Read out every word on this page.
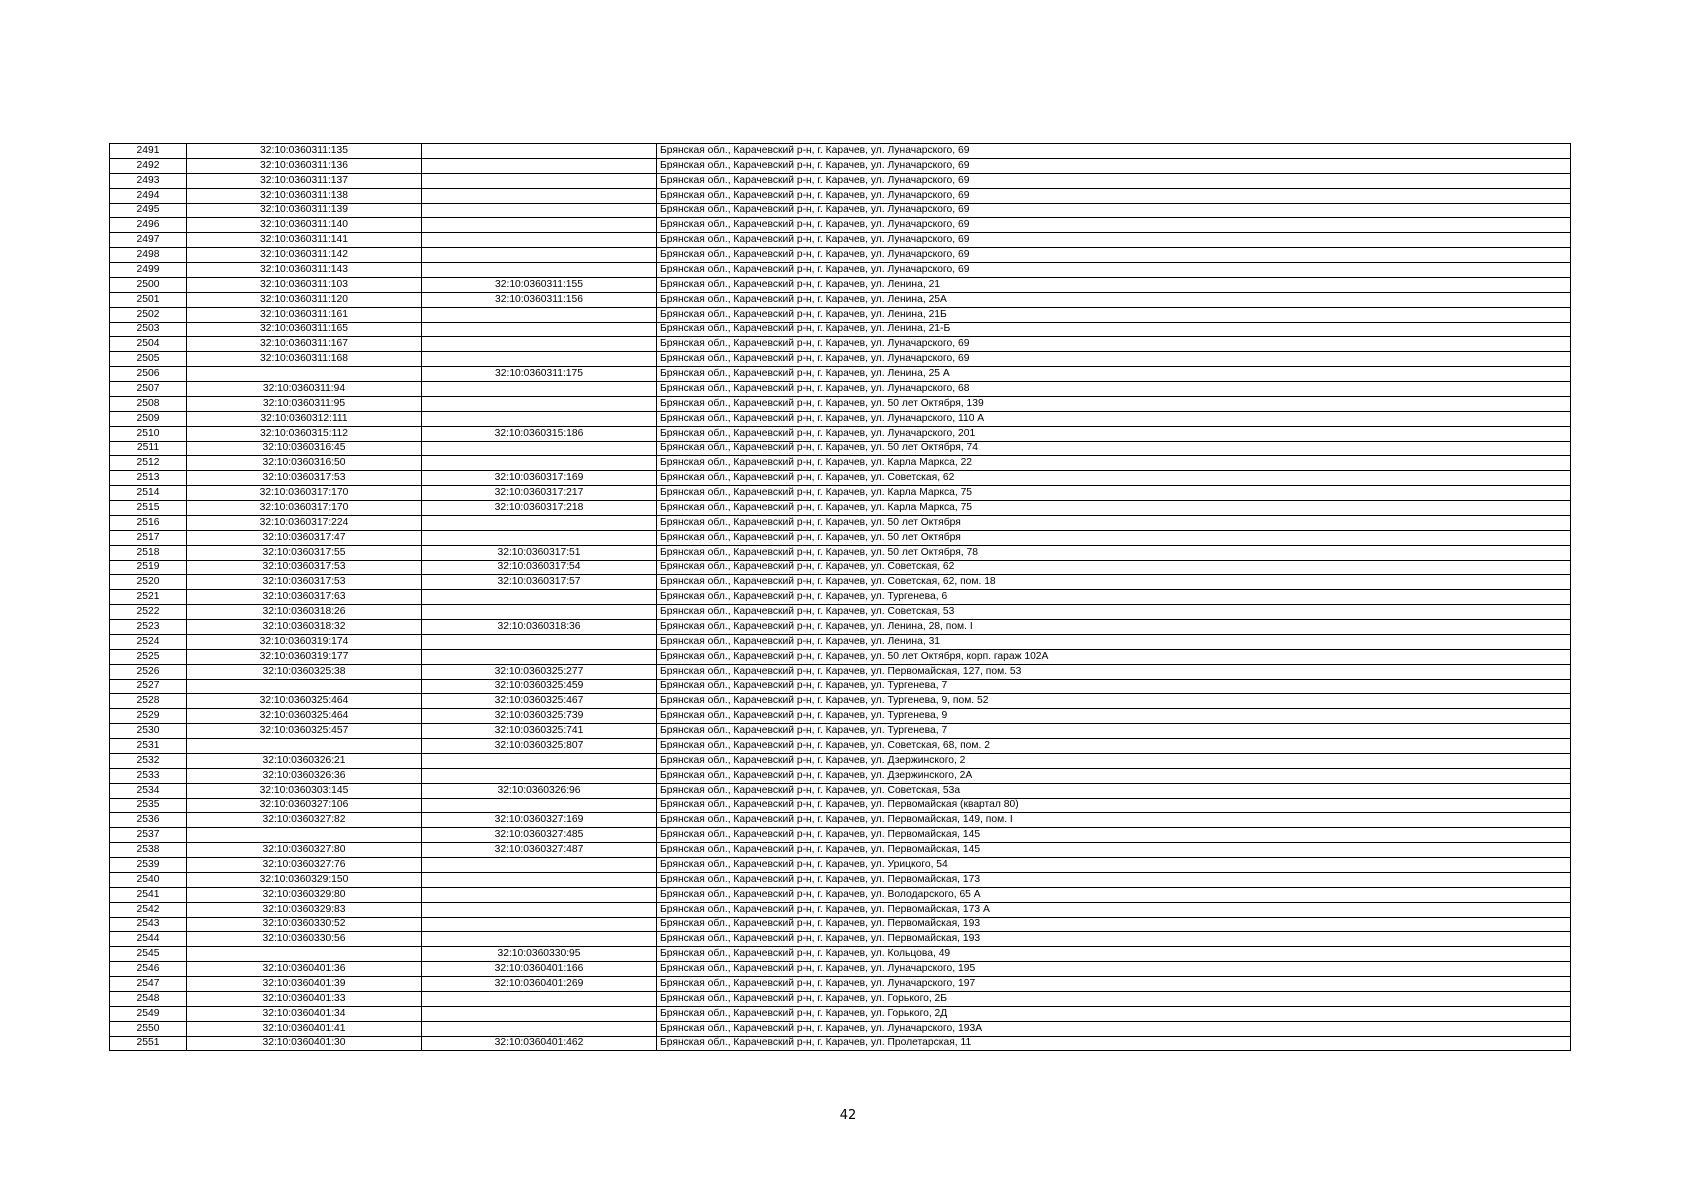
2491	32:10:0360311:135		Брянская обл., Карачевский р-н, г. Карачев, ул. Луначарского, 69
2492	32:10:0360311:136		Брянская обл., Карачевский р-н, г. Карачев, ул. Луначарского, 69
2493	32:10:0360311:137		Брянская обл., Карачевский р-н, г. Карачев, ул. Луначарского, 69
2494	32:10:0360311:138		Брянская обл., Карачевский р-н, г. Карачев, ул. Луначарского, 69
2495	32:10:0360311:139		Брянская обл., Карачевский р-н, г. Карачев, ул. Луначарского, 69
2496	32:10:0360311:140		Брянская обл., Карачевский р-н, г. Карачев, ул. Луначарского, 69
2497	32:10:0360311:141		Брянская обл., Карачевский р-н, г. Карачев, ул. Луначарского, 69
2498	32:10:0360311:142		Брянская обл., Карачевский р-н, г. Карачев, ул. Луначарского, 69
2499	32:10:0360311:143		Брянская обл., Карачевский р-н, г. Карачев, ул. Луначарского, 69
2500	32:10:0360311:103	32:10:0360311:155	Брянская обл., Карачевский р-н, г. Карачев, ул. Ленина, 21
2501	32:10:0360311:120	32:10:0360311:156	Брянская обл., Карачевский р-н, г. Карачев, ул. Ленина, 25А
2502	32:10:0360311:161		Брянская обл., Карачевский р-н, г. Карачев, ул. Ленина, 21Б
2503	32:10:0360311:165		Брянская обл., Карачевский р-н, г. Карачев, ул. Ленина, 21-Б
2504	32:10:0360311:167		Брянская обл., Карачевский р-н, г. Карачев, ул. Луначарского, 69
2505	32:10:0360311:168		Брянская обл., Карачевский р-н, г. Карачев, ул. Луначарского, 69
2506		32:10:0360311:175	Брянская обл., Карачевский р-н, г. Карачев, ул. Ленина, 25 А
2507	32:10:0360311:94		Брянская обл., Карачевский р-н, г. Карачев, ул. Луначарского, 68
2508	32:10:0360311:95		Брянская обл., Карачевский р-н, г. Карачев, ул. 50 лет Октября, 139
2509	32:10:0360312:111		Брянская обл., Карачевский р-н, г. Карачев, ул. Луначарского, 110 А
2510	32:10:0360315:112	32:10:0360315:186	Брянская обл., Карачевский р-н, г. Карачев, ул. Луначарского, 201
2511	32:10:0360316:45		Брянская обл., Карачевский р-н, г. Карачев, ул. 50 лет Октября, 74
2512	32:10:0360316:50		Брянская обл., Карачевский р-н, г. Карачев, ул. Карла Маркса, 22
2513	32:10:0360317:53	32:10:0360317:169	Брянская обл., Карачевский р-н, г. Карачев, ул. Советская, 62
2514	32:10:0360317:170	32:10:0360317:217	Брянская обл., Карачевский р-н, г. Карачев, ул. Карла Маркса, 75
2515	32:10:0360317:170	32:10:0360317:218	Брянская обл., Карачевский р-н, г. Карачев, ул. Карла Маркса, 75
2516	32:10:0360317:224		Брянская обл., Карачевский р-н, г. Карачев, ул. 50 лет Октября
2517	32:10:0360317:47		Брянская обл., Карачевский р-н, г. Карачев, ул. 50 лет Октября
2518	32:10:0360317:55	32:10:0360317:51	Брянская обл., Карачевский р-н, г. Карачев, ул. 50 лет Октября, 78
2519	32:10:0360317:53	32:10:0360317:54	Брянская обл., Карачевский р-н, г. Карачев, ул. Советская, 62
2520	32:10:0360317:53	32:10:0360317:57	Брянская обл., Карачевский р-н, г. Карачев, ул. Советская, 62, пом. 18
2521	32:10:0360317:63		Брянская обл., Карачевский р-н, г. Карачев, ул. Тургенева, 6
2522	32:10:0360318:26		Брянская обл., Карачевский р-н, г. Карачев, ул. Советская, 53
2523	32:10:0360318:32	32:10:0360318:36	Брянская обл., Карачевский р-н, г. Карачев, ул. Ленина, 28, пом. I
2524	32:10:0360319:174		Брянская обл., Карачевский р-н, г. Карачев, ул. Ленина, 31
2525	32:10:0360319:177		Брянская обл., Карачевский р-н, г. Карачев, ул. 50 лет Октября, корп. гараж 102А
2526	32:10:0360325:38	32:10:0360325:277	Брянская обл., Карачевский р-н, г. Карачев, ул. Первомайская, 127, пом. 53
2527		32:10:0360325:459	Брянская обл., Карачевский р-н, г. Карачев, ул. Тургенева, 7
2528	32:10:0360325:464	32:10:0360325:467	Брянская обл., Карачевский р-н, г. Карачев, ул. Тургенева, 9, пом. 52
2529	32:10:0360325:464	32:10:0360325:739	Брянская обл., Карачевский р-н, г. Карачев, ул. Тургенева, 9
2530	32:10:0360325:457	32:10:0360325:741	Брянская обл., Карачевский р-н, г. Карачев, ул. Тургенева, 7
2531		32:10:0360325:807	Брянская обл., Карачевский р-н, г. Карачев, ул. Советская, 68, пом. 2
2532	32:10:0360326:21		Брянская обл., Карачевский р-н, г. Карачев, ул. Дзержинского, 2
2533	32:10:0360326:36		Брянская обл., Карачевский р-н, г. Карачев, ул. Дзержинского, 2А
2534	32:10:0360303:145	32:10:0360326:96	Брянская обл., Карачевский р-н, г. Карачев, ул. Советская, 53а
2535	32:10:0360327:106		Брянская обл., Карачевский р-н, г. Карачев, ул. Первомайская (квартал 80)
2536	32:10:0360327:82	32:10:0360327:169	Брянская обл., Карачевский р-н, г. Карачев, ул. Первомайская, 149, пом. I
2537		32:10:0360327:485	Брянская обл., Карачевский р-н, г. Карачев, ул. Первомайская, 145
2538	32:10:0360327:80	32:10:0360327:487	Брянская обл., Карачевский р-н, г. Карачев, ул. Первомайская, 145
2539	32:10:0360327:76		Брянская обл., Карачевский р-н, г. Карачев, ул. Урицкого, 54
2540	32:10:0360329:150		Брянская обл., Карачевский р-н, г. Карачев, ул. Первомайская, 173
2541	32:10:0360329:80		Брянская обл., Карачевский р-н, г. Карачев, ул. Володарского, 65 А
2542	32:10:0360329:83		Брянская обл., Карачевский р-н, г. Карачев, ул. Первомайская, 173 А
2543	32:10:0360330:52		Брянская обл., Карачевский р-н, г. Карачев, ул. Первомайская, 193
2544	32:10:0360330:56		Брянская обл., Карачевский р-н, г. Карачев, ул. Первомайская, 193
2545		32:10:0360330:95	Брянская обл., Карачевский р-н, г. Карачев, ул. Кольцова, 49
2546	32:10:0360401:36	32:10:0360401:166	Брянская обл., Карачевский р-н, г. Карачев, ул. Луначарского, 195
2547	32:10:0360401:39	32:10:0360401:269	Брянская обл., Карачевский р-н, г. Карачев, ул. Луначарского, 197
2548	32:10:0360401:33		Брянская обл., Карачевский р-н, г. Карачев, ул. Горького, 2Б
2549	32:10:0360401:34		Брянская обл., Карачевский р-н, г. Карачев, ул. Горького, 2Д
2550	32:10:0360401:41		Брянская обл., Карачевский р-н, г. Карачев, ул. Луначарского, 193А
2551	32:10:0360401:30	32:10:0360401:462	Брянская обл., Карачевский р-н, г. Карачев, ул. Пролетарская, 11
42
